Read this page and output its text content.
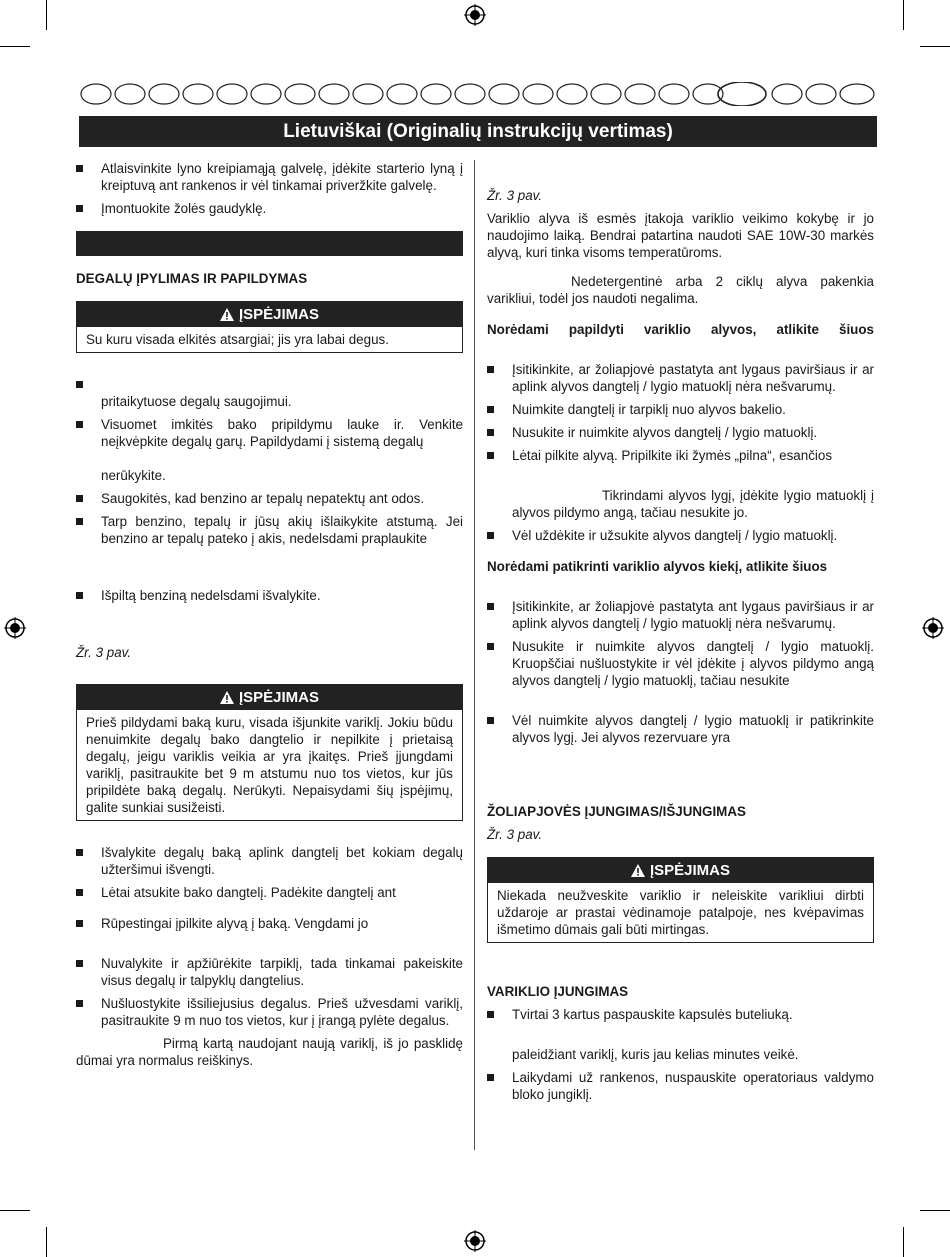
Lietuviškai (Originalių instrukcijų vertimas)
Atlaisvinkite lyno kreipiamąją galvelę, įdėkite starterio lyną į kreiptuvą ant rankenos ir vėl tinkamai priveržkite galvelę.
Įmontuokite žolės gaudyklę.
DEGALŲ ĮPYLIMAS IR PAPILDYMAS
ĮSPĖJIMAS
Su kuru visada elkitės atsargiai; jis yra labai degus.

pritaikytuose degalų saugojimui.
Visuomet imkitės bako pripildymu lauke ir. Venkite neįkvėpkite degalų garų. Papildydami į sistemą degalų
nerūkykite.
Saugokitės, kad benzino ar tepalų nepatektų ant odos.
Tarp benzino, tepalų ir jūsų akių išlaikykite atstumą. Jei benzino ar tepalų pateko į akis, nedelsdami praplaukite
Išpiltą benziną nedelsdami išvalykite.
Žr. 3 pav.
ĮSPĖJIMAS
Prieš pildydami baką kuru, visada išjunkite variklį. Jokiu būdu nenuimkite degalų bako dangtelio ir nepilkite į prietaisą degalų, jeigu variklis veikia ar yra įkaitęs. Prieš įjungdami variklį, pasitraukite bet 9 m atstumu nuo tos vietos, kur jūs pripildėte baką degalų. Nerūkyti. Nepaisydami šių įspėjimų, galite sunkiai susižeisti.
Išvalykite degalų baką aplink dangtelį bet kokiam degalų užteršimui išvengti.
Lėtai atsukite bako dangtelį. Padėkite dangtelį ant
Rūpestingai įpilkite alyvą į baką. Vengdami jo
Nuvalykite ir apžiūrėkite tarpiklį, tada tinkamai pakeiskite visus degalų ir talpyklų dangtelius.
Nušluostykite išsiliejusius degalus. Prieš užvesdami variklį, pasitraukite 9 m nuo tos vietos, kur į įrangą pylėte degalus.
Pirmą kartą naudojant naują variklį, iš jo pasklidę dūmai yra normalus reiškinys.
Žr. 3 pav.
Variklio alyva iš esmės įtakoja variklio veikimo kokybę ir jo naudojimo laiką. Bendrai patartina naudoti SAE 10W-30 markės alyvą, kuri tinka visoms temperatūroms.
Nedetergentinė arba 2 ciklų alyva pakenkia varikliui, todėl jos naudoti negalima.
Norėdami papildyti variklio alyvos, atlikite šiuos
Įsitikinkite, ar žoliapjovė pastatyta ant lygaus paviršiaus ir ar aplink alyvos dangtelį / lygio matuoklį nėra nešvarumų.
Nuimkite dangtelį ir tarpiklį nuo alyvos bakelio.
Nusukite ir nuimkite alyvos dangtelį / lygio matuoklį.
Lėtai pilkite alyvą. Pripilkite iki žymės „pilna“, esančios
Tikrindami alyvos lygį, įdėkite lygio matuoklį į alyvos pildymo angą, tačiau nesukite jo.
Vėl uždėkite ir užsukite alyvos dangtelį / lygio matuoklį.
Norėdami patikrinti variklio alyvos kiekį, atlikite šiuos
Įsitikinkite, ar žoliapjovė pastatyta ant lygaus paviršiaus ir ar aplink alyvos dangtelį / lygio matuoklį nėra nešvarumų.
Nusukite ir nuimkite alyvos dangtelį / lygio matuoklį. Kruopščiai nušluostykite ir vėl įdėkite į alyvos pildymo angą alyvos dangtelį / lygio matuoklį, tačiau nesukite
Vėl nuimkite alyvos dangtelį / lygio matuoklį ir patikrinkite alyvos lygį. Jei alyvos rezervuare yra
ŽOLIAPJOVĖS ĮJUNGIMAS/IŠJUNGIMAS
Žr. 3 pav.
ĮSPĖJIMAS
Niekada neužveskite variklio ir neleiskite varikliui dirbti uždaroje ar prastai vėdinamoje patalpoje, nes kvėpavimas išmetimo dūmais gali būti mirtingas.
VARIKLIO ĮJUNGIMAS
Tvirtai 3 kartus paspauskite kapsulės buteliuką.
paleidžiant variklį, kuris jau kelias minutes veikė.
Laikydami už rankenos, nuspauskite operatoriaus valdymo bloko jungiklį.
